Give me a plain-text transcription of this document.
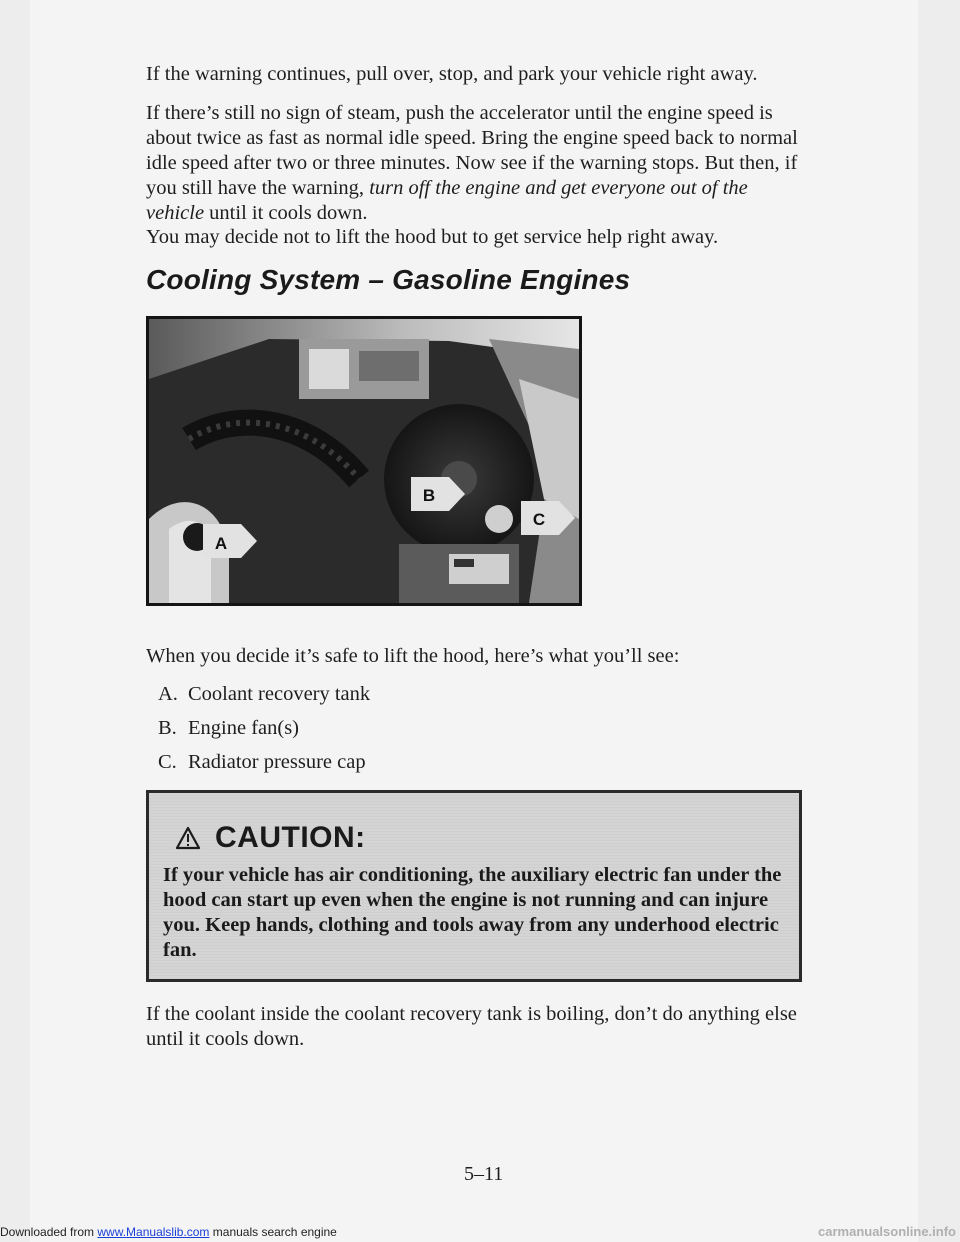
If the warning continues, pull over, stop, and park your vehicle right away.

If there’s still no sign of steam, push the accelerator until the engine speed is about twice as fast as normal idle speed. Bring the engine speed back to normal idle speed after two or three minutes. Now see if the warning stops. But then, if you still have the warning, turn off the engine and get everyone out of the vehicle until it cools down.

You may decide not to lift the hood but to get service help right away.

Cooling System – Gasoline Engines
A
B
C

When you decide it’s safe to lift the hood, here’s what you’ll see:

A. Coolant recovery tank
B. Engine fan(s)
C. Radiator pressure cap
CAUTION:
If your vehicle has air conditioning, the auxiliary electric fan under the hood can start up even when the engine is not running and can injure you. Keep hands, clothing and tools away from any underhood electric fan.

If the coolant inside the coolant recovery tank is boiling, don’t do anything else until it cools down.

5–11
Downloaded from www.Manualslib.com manuals search engine	carmanualsonline.info
